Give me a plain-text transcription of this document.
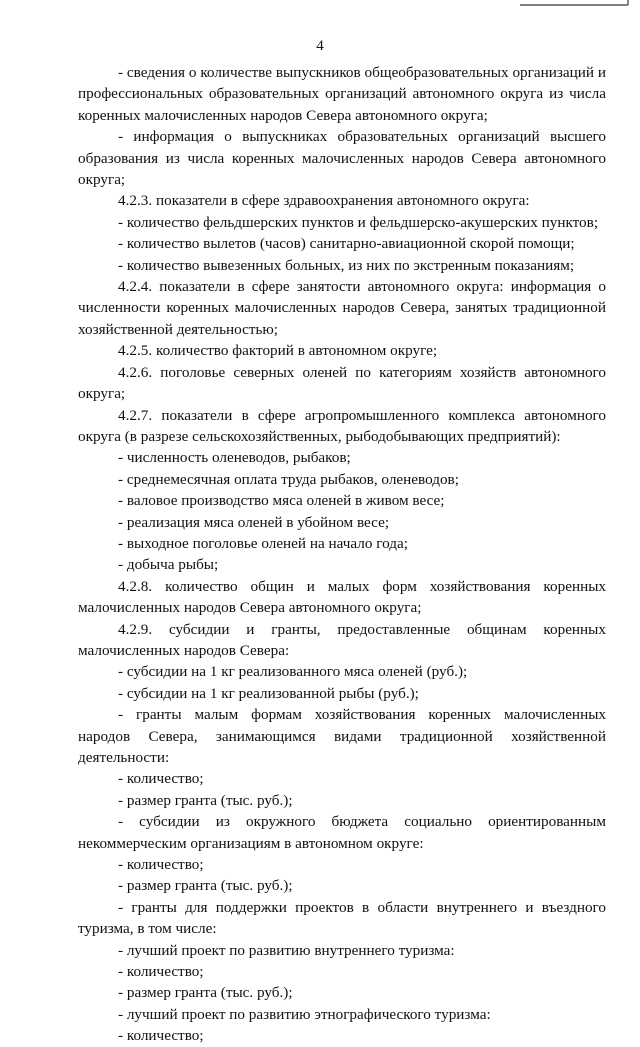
4

- сведения о количестве выпускников общеобразовательных организаций и профессиональных образовательных организаций автономного округа из числа коренных малочисленных народов Севера автономного округа;

- информация о выпускниках образовательных организаций высшего образования из числа коренных малочисленных народов Севера автономного округа;

4.2.3. показатели в сфере здравоохранения автономного округа:

- количество фельдшерских пунктов и фельдшерско-акушерских пунктов;

- количество вылетов (часов) санитарно-авиационной скорой помощи;

- количество вывезенных больных, из них по экстренным показаниям;

4.2.4. показатели в сфере занятости автономного округа: информация о численности коренных малочисленных народов Севера, занятых традиционной хозяйственной деятельностью;

4.2.5. количество факторий в автономном округе;

4.2.6. поголовье северных оленей по категориям хозяйств автономного округа;

4.2.7. показатели в сфере агропромышленного комплекса автономного округа (в разрезе сельскохозяйственных, рыбодобывающих предприятий):

- численность оленеводов, рыбаков;

- среднемесячная оплата труда рыбаков, оленеводов;

- валовое производство мяса оленей в живом весе;

- реализация мяса оленей в убойном весе;

- выходное поголовье оленей на начало года;

- добыча рыбы;

4.2.8. количество общин и малых форм хозяйствования коренных малочисленных народов Севера автономного округа;

4.2.9. субсидии и гранты, предоставленные общинам коренных малочисленных народов Севера:

- субсидии на 1 кг реализованного мяса оленей (руб.);

- субсидии на 1 кг реализованной рыбы (руб.);

- гранты малым формам хозяйствования коренных малочисленных народов Севера, занимающимся видами традиционной хозяйственной деятельности:

- количество;

- размер гранта (тыс. руб.);

- субсидии из окружного бюджета социально ориентированным некоммерческим организациям в автономном округе:

- количество;

- размер гранта (тыс. руб.);

- гранты для поддержки проектов в области внутреннего и въездного туризма, в том числе:

- лучший проект по развитию внутреннего туризма:

- количество;

- размер гранта (тыс. руб.);

- лучший проект по развитию этнографического туризма:

- количество;
